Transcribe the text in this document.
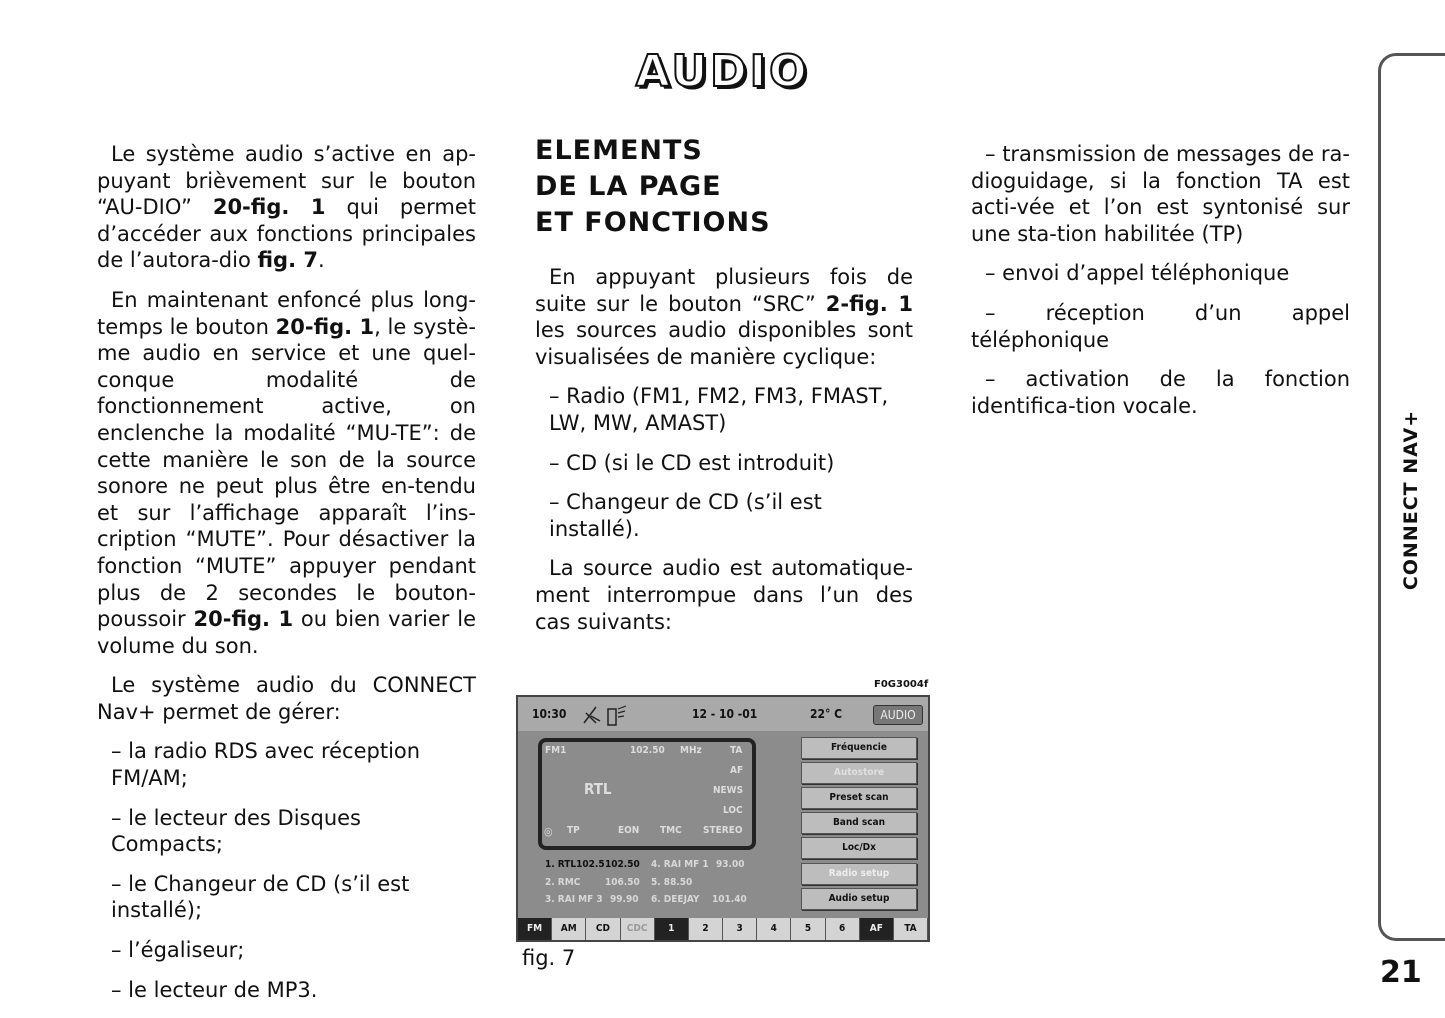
AUDIO

Le système audio s’active en ap-puyant brièvement sur le bouton “AU-DIO” 20-fig. 1 qui permet d’accéder aux fonctions principales de l’autora-dio fig. 7.

En maintenant enfoncé plus long-temps le bouton 20-fig. 1, le systè-me audio en service et une quel-conque modalité de fonctionnement active, on enclenche la modalité “MU-TE”: de cette manière le son de la source sonore ne peut plus être en-tendu et sur l’affichage apparaît l’ins-cription “MUTE”. Pour désactiver la fonction “MUTE” appuyer pendant plus de 2 secondes le bouton-poussoir 20-fig. 1 ou bien varier le volume du son.

Le système audio du CONNECT Nav+ permet de gérer:

– la radio RDS avec réception FM/AM;

– le lecteur des Disques Compacts;

– le Changeur de CD (s’il est installé);

– l’égaliseur;

– le lecteur de MP3.

ELEMENTS
DE LA PAGE
ET FONCTIONS

En appuyant plusieurs fois de suite sur le bouton “SRC” 2-fig. 1 les sources audio disponibles sont visualisées de manière cyclique:

– Radio (FM1, FM2, FM3, FMAST, LW, MW, AMAST)

– CD (si le CD est introduit)

– Changeur de CD (s’il est installé).

La source audio est automatique-ment interrompue dans l’un des cas suivants:

– transmission de messages de ra-dioguidage, si la fonction TA est acti-vée et l’on est syntonisé sur une sta-tion habilitée (TP)

– envoi d’appel téléphonique

– réception d’un appel téléphonique

– activation de la fonction identifica-tion vocale.

CONNECT NAV+
21
F0G3004f
10:30	12 - 10 -01	22° C	AUDIO
FM1	102.50 MHz	TA
AF
NEWS
LOC
RTL
◎ TP	EON TMC STEREO
Fréquencie
Autostore
Preset scan
Band scan
Loc/Dx
Radio setup
Audio setup
1. RTL102.5 102.50
2. RMC 106.50
3. RAI MF 3 99.90
4. RAI MF 1 93.00
5. 88.50
6. DEEJAY 101.40
FM	AM	CD	CDC	1	2	3	4	5	6	AF	TA
fig. 7
